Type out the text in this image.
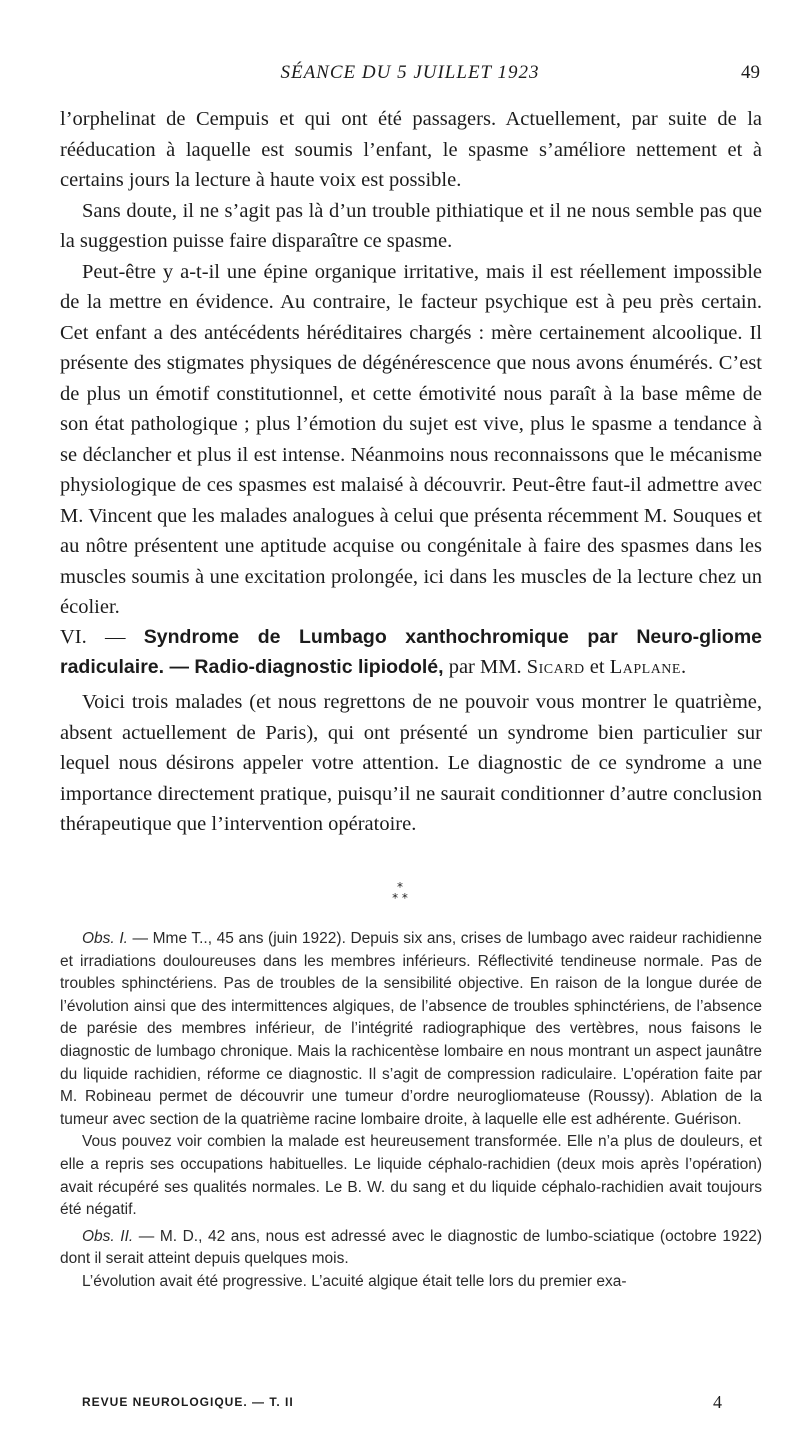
SÉANCE DU 5 JUILLET 1923	49

l’orphelinat de Cempuis et qui ont été passagers. Actuellement, par suite de la rééducation à laquelle est soumis l’enfant, le spasme s’améliore nettement et à certains jours la lecture à haute voix est possible.

Sans doute, il ne s’agit pas là d’un trouble pithiatique et il ne nous semble pas que la suggestion puisse faire disparaître ce spasme.

Peut-être y a-t-il une épine organique irritative, mais il est réellement impossible de la mettre en évidence. Au contraire, le facteur psychique est à peu près certain. Cet enfant a des antécédents héréditaires chargés : mère certainement alcoolique. Il présente des stigmates physiques de dégénérescence que nous avons énumérés. C’est de plus un émotif constitutionnel, et cette émotivité nous paraît à la base même de son état pathologique ; plus l’émotion du sujet est vive, plus le spasme a tendance à se déclancher et plus il est intense. Néanmoins nous reconnaissons que le mécanisme physiologique de ces spasmes est malaisé à découvrir. Peut-être faut-il admettre avec M. Vincent que les malades analogues à celui que présenta récemment M. Souques et au nôtre présentent une aptitude acquise ou congénitale à faire des spasmes dans les muscles soumis à une excitation prolongée, ici dans les muscles de la lecture chez un écolier.

VI. — Syndrome de Lumbago xanthochromique par Neuro-gliome radiculaire. — Radio-diagnostic lipiodolé, par MM. Sicard et Laplane.

Voici trois malades (et nous regrettons de ne pouvoir vous montrer le quatrième, absent actuellement de Paris), qui ont présenté un syndrome bien particulier sur lequel nous désirons appeler votre attention. Le diagnostic de ce syndrome a une importance directement pratique, puisqu’il ne saurait conditionner d’autre conclusion thérapeutique que l’intervention opératoire.

*
* *

Obs. I. — Mme T.., 45 ans (juin 1922). Depuis six ans, crises de lumbago avec raideur rachidienne et irradiations douloureuses dans les membres inférieurs. Réflectivité tendineuse normale. Pas de troubles sphinctériens. Pas de troubles de la sensibilité objective. En raison de la longue durée de l’évolution ainsi que des intermittences algiques, de l’absence de troubles sphinctériens, de l’absence de parésie des membres inférieur, de l’intégrité radiographique des vertèbres, nous faisons le diagnostic de lumbago chronique. Mais la rachicentèse lombaire en nous montrant un aspect jaunâtre du liquide rachidien, réforme ce diagnostic. Il s’agit de compression radiculaire. L’opération faite par M. Robineau permet de découvrir une tumeur d’ordre neurogliomateuse (Roussy). Ablation de la tumeur avec section de la quatrième racine lombaire droite, à laquelle elle est adhérente. Guérison.

Vous pouvez voir combien la malade est heureusement transformée. Elle n’a plus de douleurs, et elle a repris ses occupations habituelles. Le liquide céphalo-rachidien (deux mois après l’opération) avait récupéré ses qualités normales. Le B. W. du sang et du liquide céphalo-rachidien avait toujours été négatif.

Obs. II. — M. D., 42 ans, nous est adressé avec le diagnostic de lumbo-sciatique (octobre 1922) dont il serait atteint depuis quelques mois.

L’évolution avait été progressive. L’acuité algique était telle lors du premier exa-

REVUE NEUROLOGIQUE. — T. II	4
